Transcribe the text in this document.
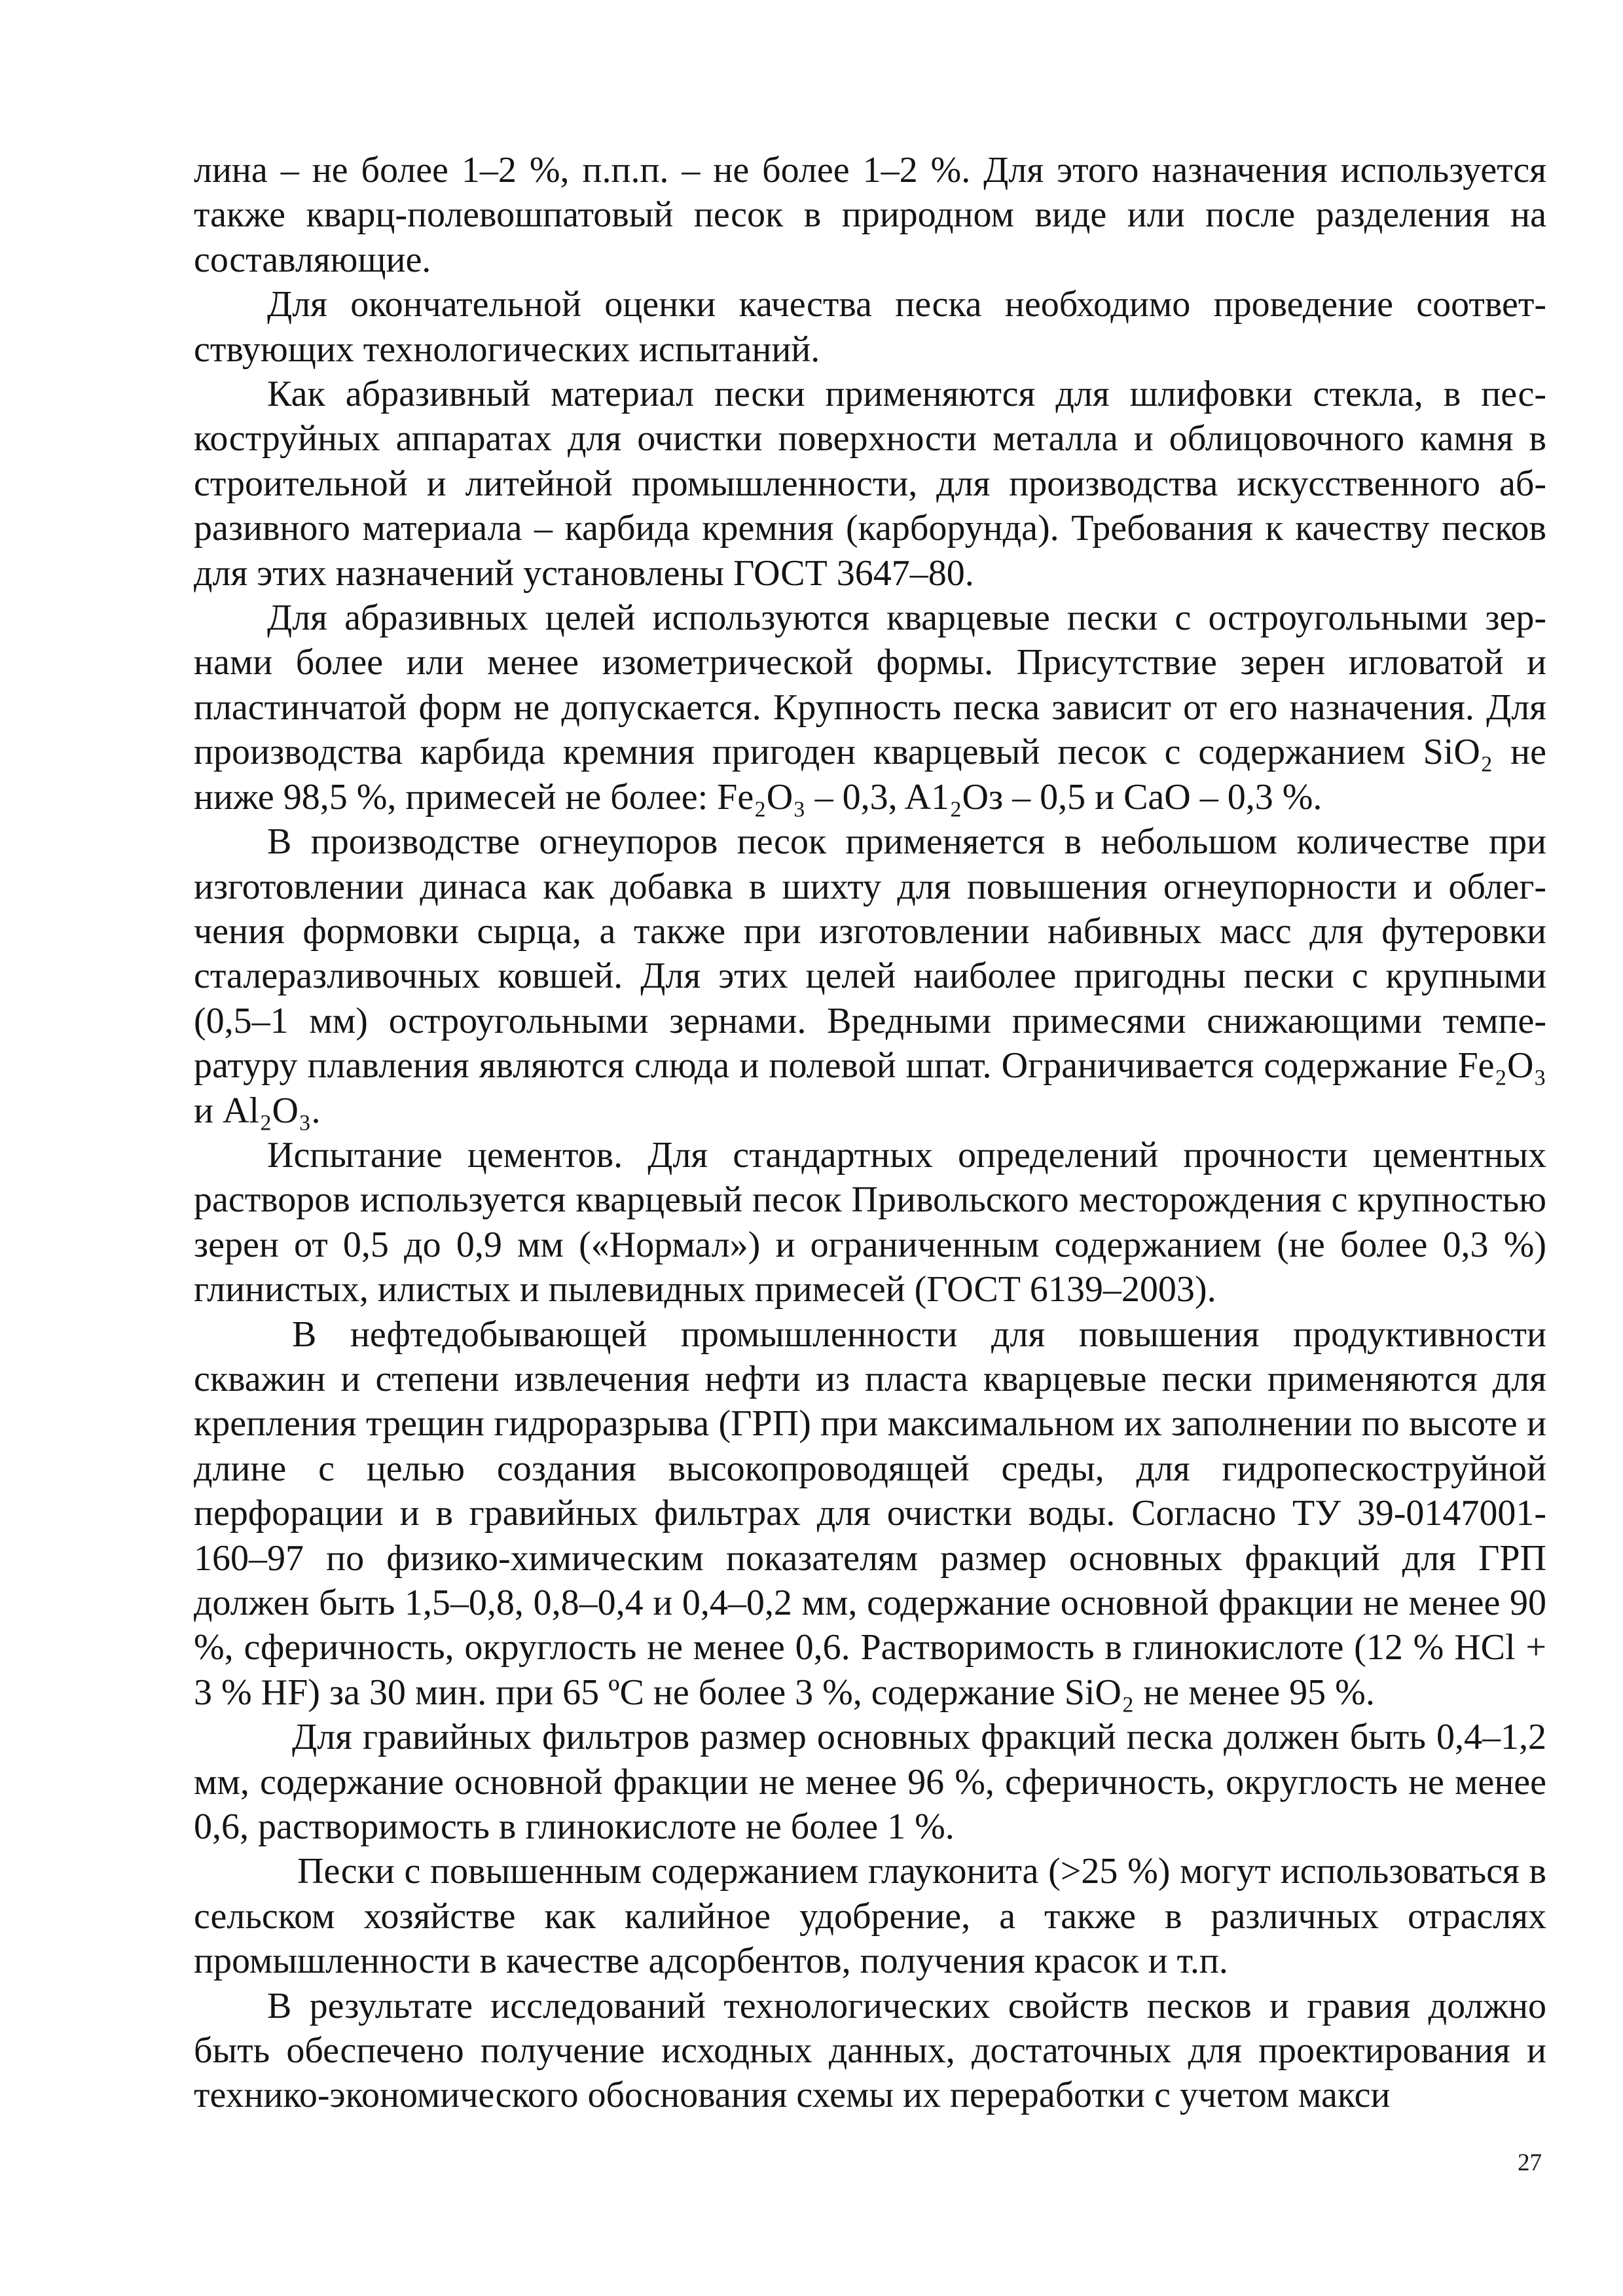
лина – не более 1–2 %, п.п.п. – не более 1–2 %. Для этого назначения используется также кварц-полевошпатовый песок в природном виде или после разделения на составляющие.

Для окончательной оценки качества песка необходимо проведение соответствующих технологических испытаний.

Как абразивный материал пески применяются для шлифовки стекла, в пескоструйных аппаратах для очистки поверхности металла и облицовочного камня в строительной и литейной промышленности, для производства искусственного абразивного материала – карбида кремния (карборунда). Требования к качеству песков для этих назначений установлены ГОСТ 3647–80.

Для абразивных целей используются кварцевые пески с остроугольными зернами более или менее изометрической формы. Присутствие зерен игловатой и пластинчатой форм не допускается. Крупность песка зависит от его назначения. Для производства карбида кремния пригоден кварцевый песок с содержанием SiO₂ не ниже 98,5 %, примесей не более: Fe₂O₃ – 0,3, A1₂Oз – 0,5 и CaO – 0,3 %.

В производстве огнеупоров песок применяется в небольшом количестве при изготовлении динаса как добавка в шихту для повышения огнеупорности и облегчения формовки сырца, а также при изготовлении набивных масс для футеровки сталеразливочных ковшей. Для этих целей наиболее пригодны пески с крупными (0,5–1 мм) остроугольными зернами. Вредными примесями снижающими температуру плавления являются слюда и полевой шпат. Ограничивается содержание Fe₂O₃ и Al₂O₃.

Испытание цементов. Для стандартных определений прочности цементных растворов используется кварцевый песок Привольского месторождения с крупностью зерен от 0,5 до 0,9 мм («Нормал») и ограниченным содержанием (не более 0,3 %) глинистых, илистых и пылевидных примесей (ГОСТ 6139–2003).

В нефтедобывающей промышленности для повышения продуктивности скважин и степени извлечения нефти из пласта кварцевые пески применяются для крепления трещин гидроразрыва (ГРП) при максимальном их заполнении по высоте и длине с целью создания высокопроводящей среды, для гидропескоструйной перфорации и в гравийных фильтрах для очистки воды. Согласно ТУ 39-0147001-160–97 по физико-химическим показателям размер основных фракций для ГРП должен быть 1,5–0,8, 0,8–0,4 и 0,4–0,2 мм, содержание основной фракции не менее 90 %, сферичность, округлость не менее 0,6. Растворимость в глинокислоте (12 % HCl + 3 % HF) за 30 мин. при 65 ºС не более 3 %, содержание SiO₂ не менее 95 %.

Для гравийных фильтров размер основных фракций песка должен быть 0,4–1,2 мм, содержание основной фракции не менее 96 %, сферичность, округлость не менее 0,6, растворимость в глинокислоте не более 1 %.

Пески с повышенным содержанием глауконита (>25 %) могут использоваться в сельском хозяйстве как калийное удобрение, а также в различных отраслях промышленности в качестве адсорбентов, получения красок и т.п.

В результате исследований технологических свойств песков и гравия должно быть обеспечено получение исходных данных, достаточных для проектирования и технико-экономического обоснования схемы их переработки с учетом макси

27
